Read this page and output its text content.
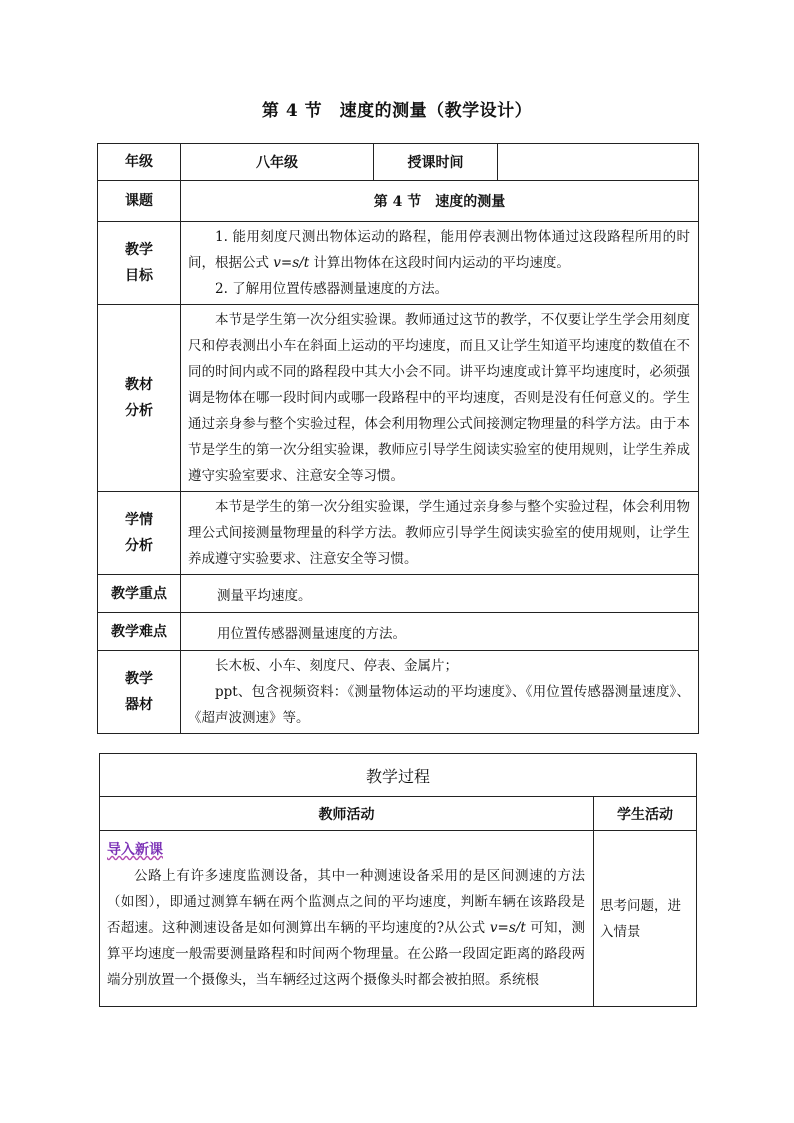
第 4 节　速度的测量（教学设计）
年级	八年级	授课时间	
课题	第 4 节　速度的测量		

教学目标	1. 能用刻度尺测出物体运动的路程，能用停表测出物体通过这段路程所用的时间，根据公式 v=s/t 计算出物体在这段时间内运动的平均速度。

2. 了解用位置传感器测量速度的方法。		

教材分析	本节是学生第一次分组实验课。教师通过这节的教学，不仅要让学生学会用刻度尺和停表测出小车在斜面上运动的平均速度，而且又让学生知道平均速度的数值在不同的时间内或不同的路程段中其大小会不同。讲平均速度或计算平均速度时，必须强调是物体在哪一段时间内或哪一段路程中的平均速度，否则是没有任何意义的。学生通过亲身参与整个实验过程，体会利用物理公式间接测定物理量的科学方法。由于本节是学生的第一次分组实验课，教师应引导学生阅读实验室的使用规则，让学生养成遵守实验室要求、注意安全等习惯。		

学情分析	本节是学生的第一次分组实验课，学生通过亲身参与整个实验过程，体会利用物理公式间接测量物理量的科学方法。教师应引导学生阅读实验室的使用规则，让学生养成遵守实验要求、注意安全等习惯。		

教学重点	测量平均速度。		
教学难点	用位置传感器测量速度的方法。		

教学器材	长木板、小车、刻度尺、停表、金属片；

ppt、包含视频资料：《测量物体运动的平均速度》、《用位置传感器测量速度》、《超声波测速》等。		

教学过程	
教师活动	学生活动

导入新课

公路上有许多速度监测设备，其中一种测速设备采用的是区间测速的方法（如图），即通过测算车辆在两个监测点之间的平均速度，判断车辆在该路段是否超速。这种测速设备是如何测算出车辆的平均速度的?从公式 v=s/t 可知，测算平均速度一般需要测量路程和时间两个物理量。在公路一段固定距离的路段两端分别放置一个摄像头，当车辆经过这两个摄像头时都会被拍照。系统根	思考问题，进入情景
